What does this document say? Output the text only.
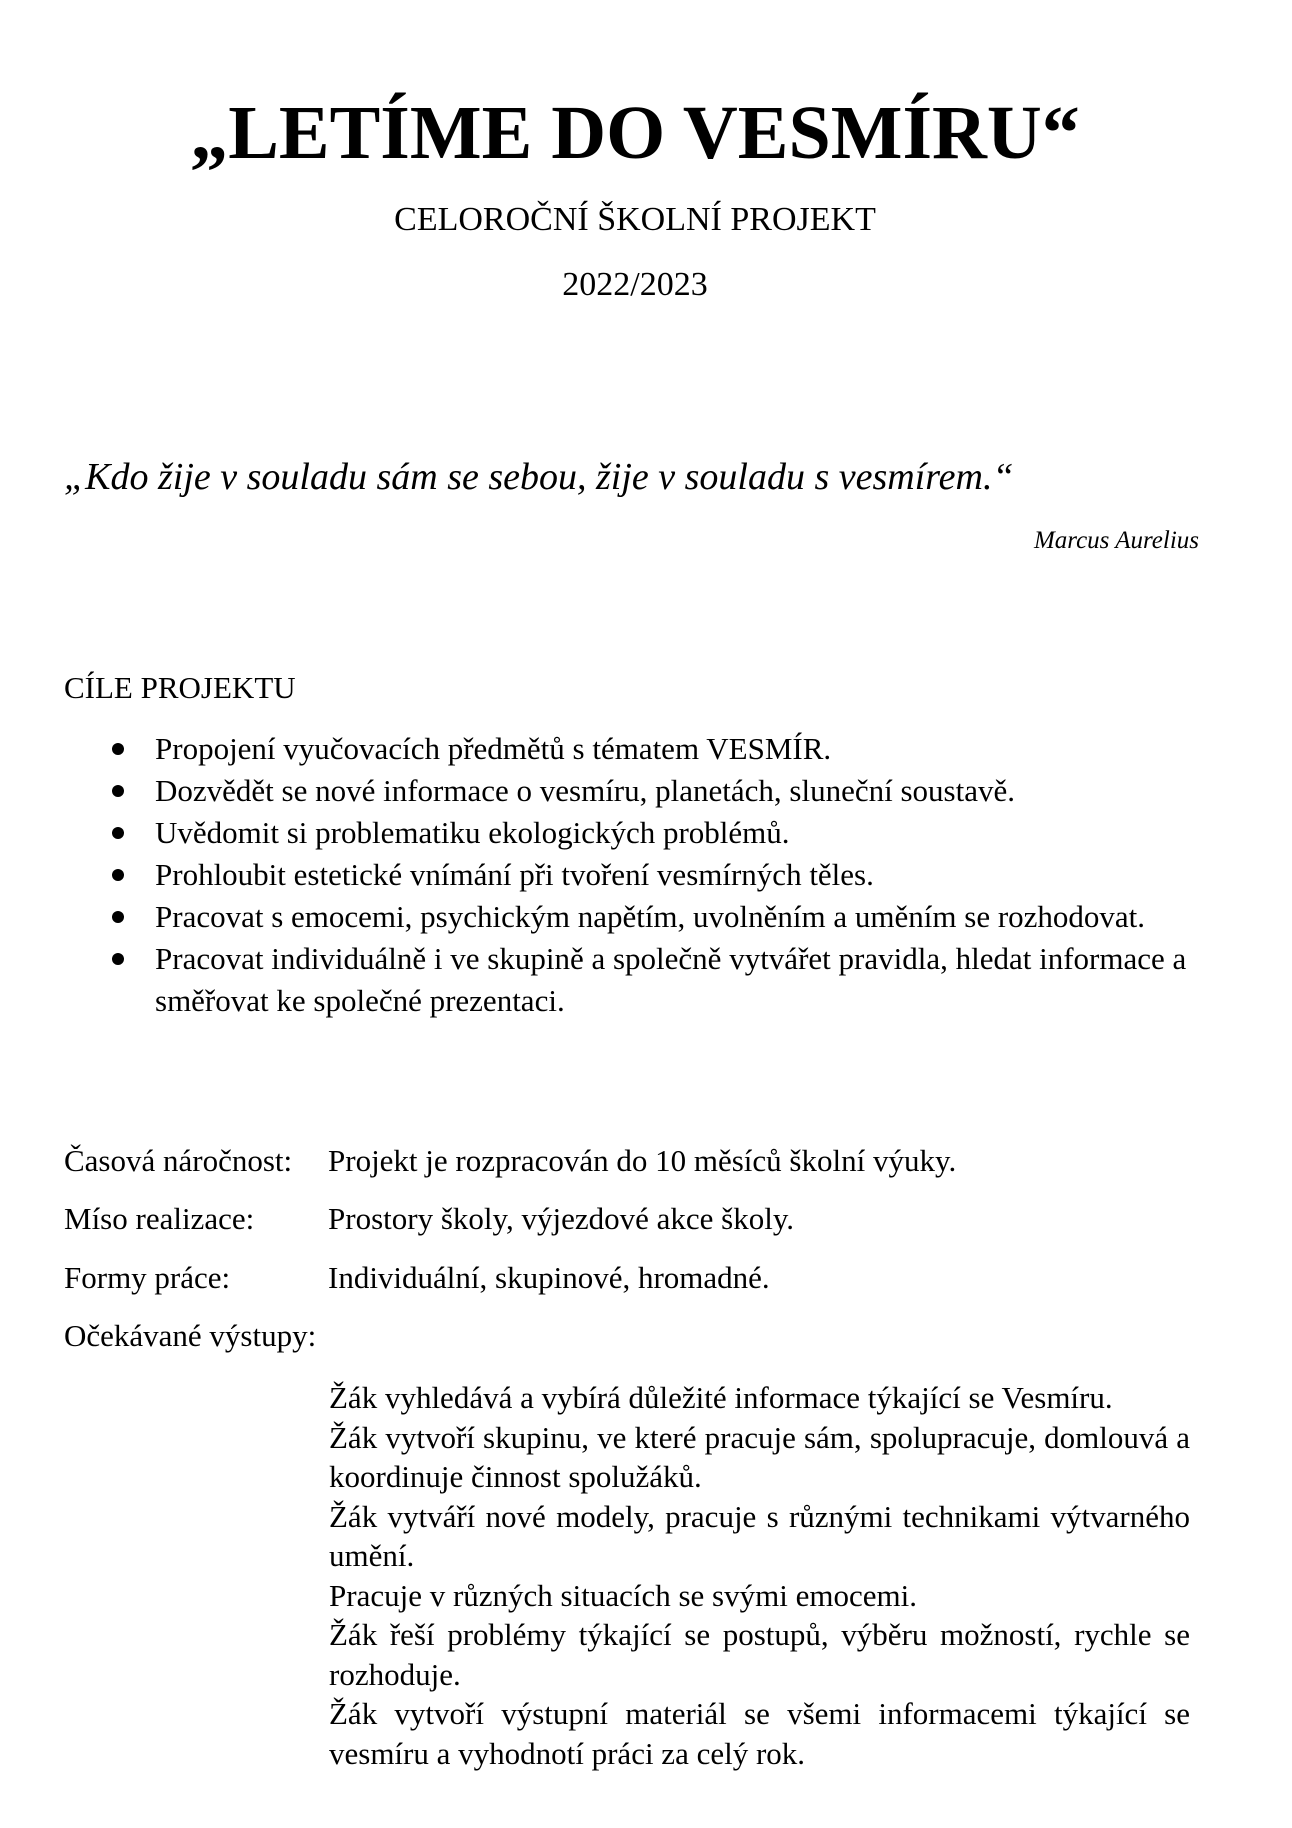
„LETÍME DO VESMÍRU“

CELOROČNÍ ŠKOLNÍ PROJEKT

2022/2023

„Kdo žije v souladu sám se sebou, žije v souladu s vesmírem.“

Marcus Aurelius

CÍLE PROJEKTU

Propojení vyučovacích předmětů s tématem VESMÍR.
Dozvědět se nové informace o vesmíru, planetách, sluneční soustavě.
Uvědomit si problematiku ekologických problémů.
Prohloubit estetické vnímání při tvoření vesmírných těles.
Pracovat s emocemi, psychickým napětím, uvolněním a uměním se rozhodovat.
Pracovat individuálně i ve skupině a společně vytvářet pravidla, hledat informace a směřovat ke společné prezentaci.

Časová náročnost: Projekt je rozpracován do 10 měsíců školní výuky.

Míso realizace: Prostory školy, výjezdové akce školy.

Formy práce:	Individuální, skupinové, hromadné.

Očekávané výstupy:

Žák vyhledává a vybírá důležité informace týkající se Vesmíru.
Žák vytvoří skupinu, ve které pracuje sám, spolupracuje, domlouvá a koordinuje činnost spolužáků.
Žák vytváří nové modely, pracuje s různými technikami výtvarného umění.
Pracuje v různých situacích se svými emocemi.
Žák řeší problémy týkající se postupů, výběru možností, rychle se rozhoduje.
Žák vytvoří výstupní materiál se všemi informacemi týkající se vesmíru a vyhodnotí práci za celý rok.
